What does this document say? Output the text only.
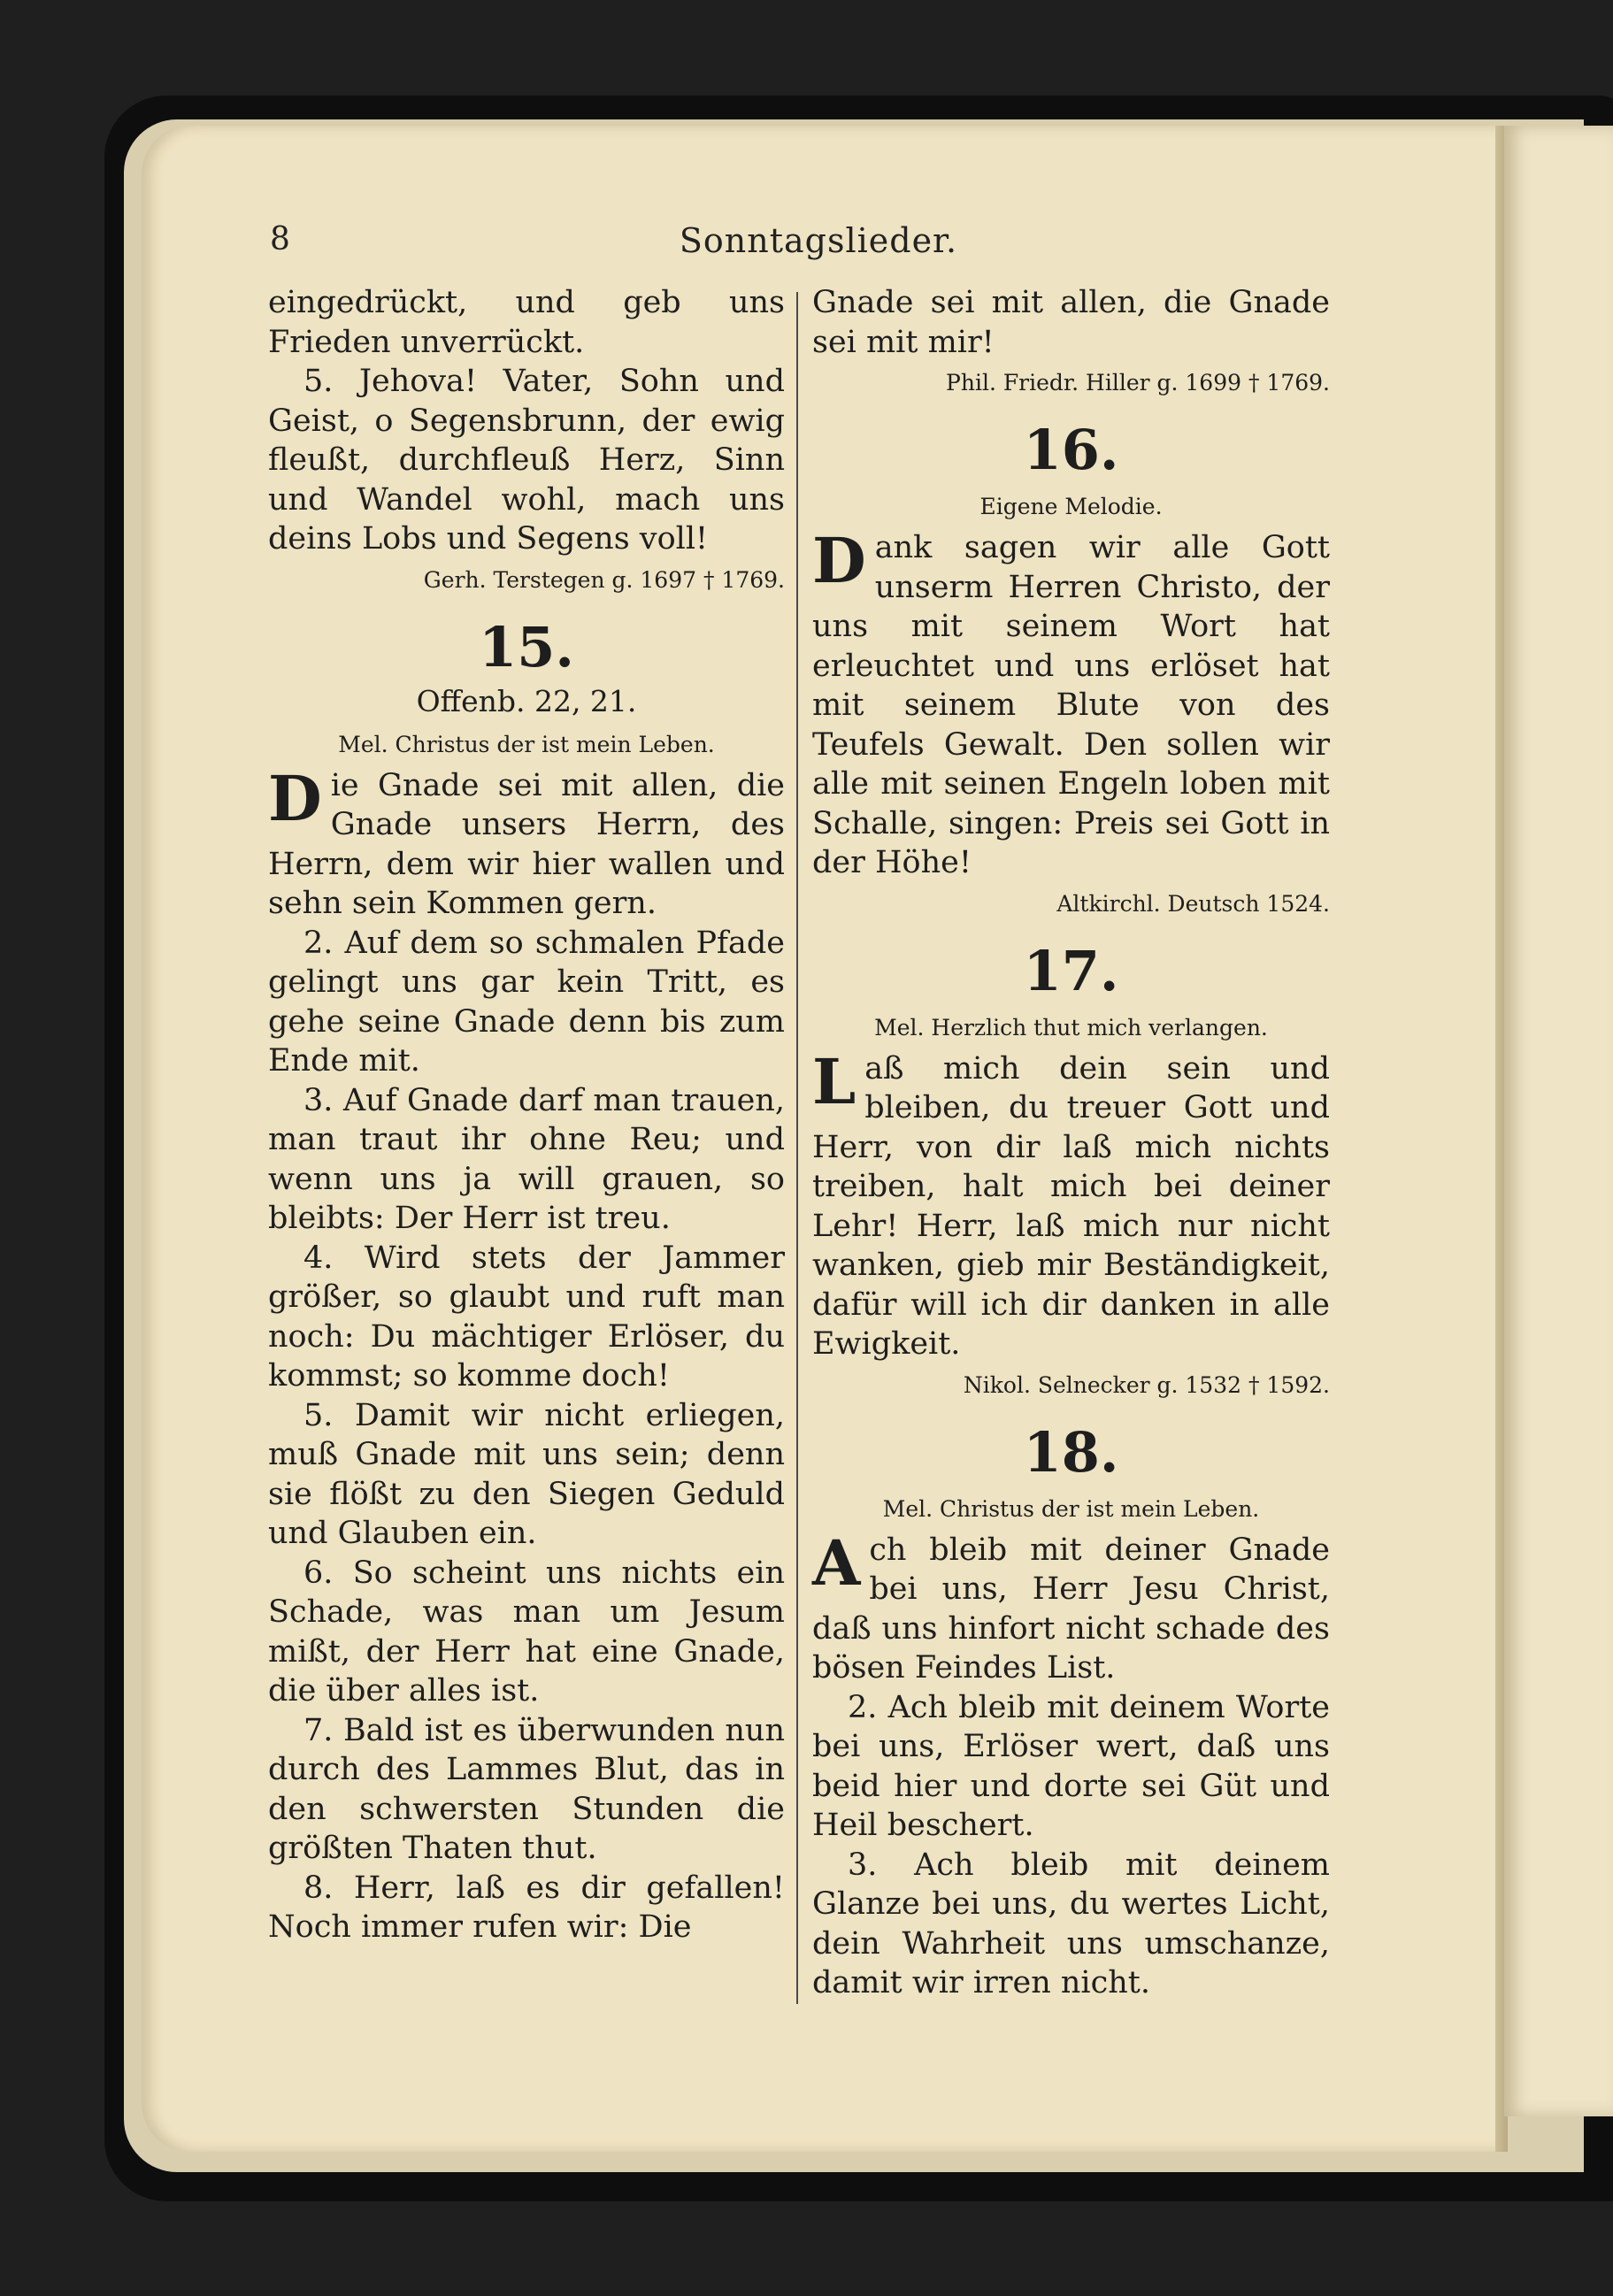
8	Sonntagslieder.

eingedrückt, und geb uns Frieden unverrückt.

5. Jehova! Vater, Sohn und Geist, o Segensbrunn, der ewig fleußt, durchfleuß Herz, Sinn und Wandel wohl, mach uns deins Lobs und Segens voll!

Gerh. Terstegen g. 1697 † 1769.

15.

Offenb. 22, 21.

Mel. Christus der ist mein Leben.

Die Gnade sei mit allen, die Gnade unsers Herrn, des Herrn, dem wir hier wallen und sehn sein Kommen gern.

2. Auf dem so schmalen Pfade gelingt uns gar kein Tritt, es gehe seine Gnade denn bis zum Ende mit.

3. Auf Gnade darf man trauen, man traut ihr ohne Reu; und wenn uns ja will grauen, so bleibts: Der Herr ist treu.

4. Wird stets der Jammer größer, so glaubt und ruft man noch: Du mächtiger Erlöser, du kommst; so komme doch!

5. Damit wir nicht erliegen, muß Gnade mit uns sein; denn sie flößt zu den Siegen Geduld und Glauben ein.

6. So scheint uns nichts ein Schade, was man um Jesum mißt, der Herr hat eine Gnade, die über alles ist.

7. Bald ist es überwunden nun durch des Lammes Blut, das in den schwersten Stunden die größten Thaten thut.

8. Herr, laß es dir gefallen! Noch immer rufen wir: Die

Gnade sei mit allen, die Gnade sei mit mir!

Phil. Friedr. Hiller g. 1699 † 1769.

16.

Eigene Melodie.

Dank sagen wir alle Gott unserm Herren Christo, der uns mit seinem Wort hat erleuchtet und uns erlöset hat mit seinem Blute von des Teufels Gewalt. Den sollen wir alle mit seinen Engeln loben mit Schalle, singen: Preis sei Gott in der Höhe!

Altkirchl. Deutsch 1524.

17.

Mel. Herzlich thut mich verlangen.

Laß mich dein sein und bleiben, du treuer Gott und Herr, von dir laß mich nichts treiben, halt mich bei deiner Lehr! Herr, laß mich nur nicht wanken, gieb mir Beständigkeit, dafür will ich dir danken in alle Ewigkeit.

Nikol. Selnecker g. 1532 † 1592.

18.

Mel. Christus der ist mein Leben.

Ach bleib mit deiner Gnade bei uns, Herr Jesu Christ, daß uns hinfort nicht schade des bösen Feindes List.

2. Ach bleib mit deinem Worte bei uns, Erlöser wert, daß uns beid hier und dorte sei Güt und Heil beschert.

3. Ach bleib mit deinem Glanze bei uns, du wertes Licht, dein Wahrheit uns umschanze, damit wir irren nicht.
